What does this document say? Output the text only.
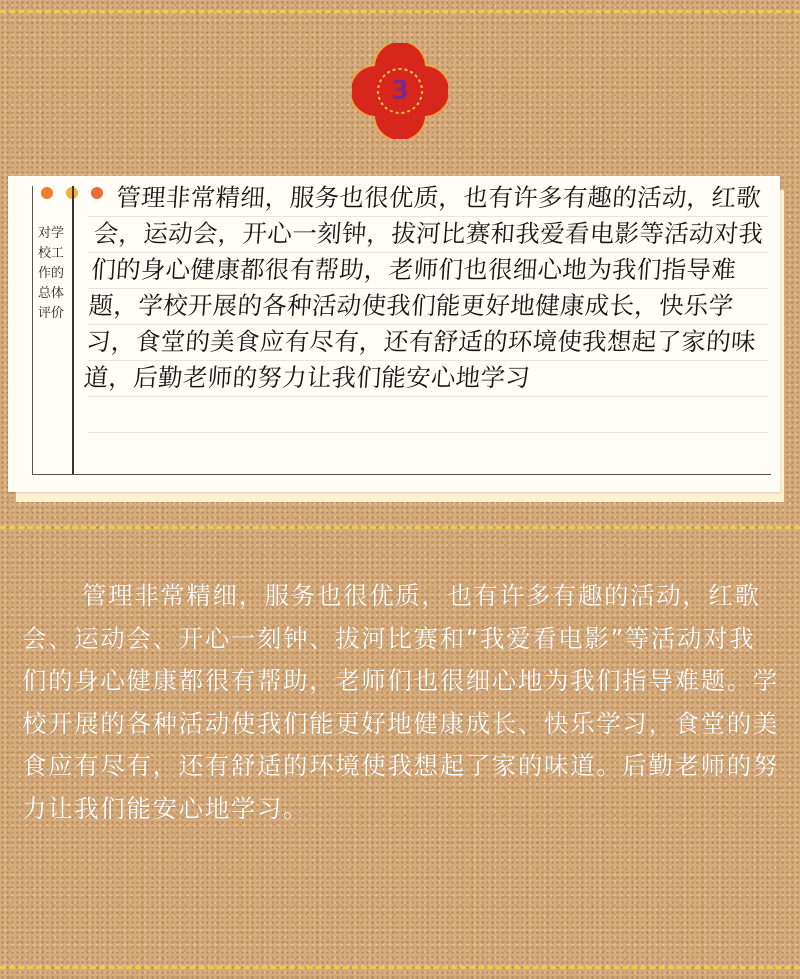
3
对学校工作的总体评价
管理非常精细，服务也很优质，也有许多有趣的活动，红歌会，运动会，开心一刻钟，拔河比赛和我爱看电影等活动对我们的身心健康都很有帮助，老师们也很细心地为我们指导难题，学校开展的各种活动使我们能更好地健康成长，快乐学习，食堂的美食应有尽有，还有舒适的环境使我想起了家的味道，后勤老师的努力让我们能安心地学习
管理非常精细，服务也很优质，也有许多有趣的活动，红歌会、运动会、开心一刻钟、拔河比赛和“我爱看电影”等活动对我们的身心健康都很有帮助，老师们也很细心地为我们指导难题。学校开展的各种活动使我们能更好地健康成长、快乐学习，食堂的美食应有尽有，还有舒适的环境使我想起了家的味道。后勤老师的努力让我们能安心地学习。
